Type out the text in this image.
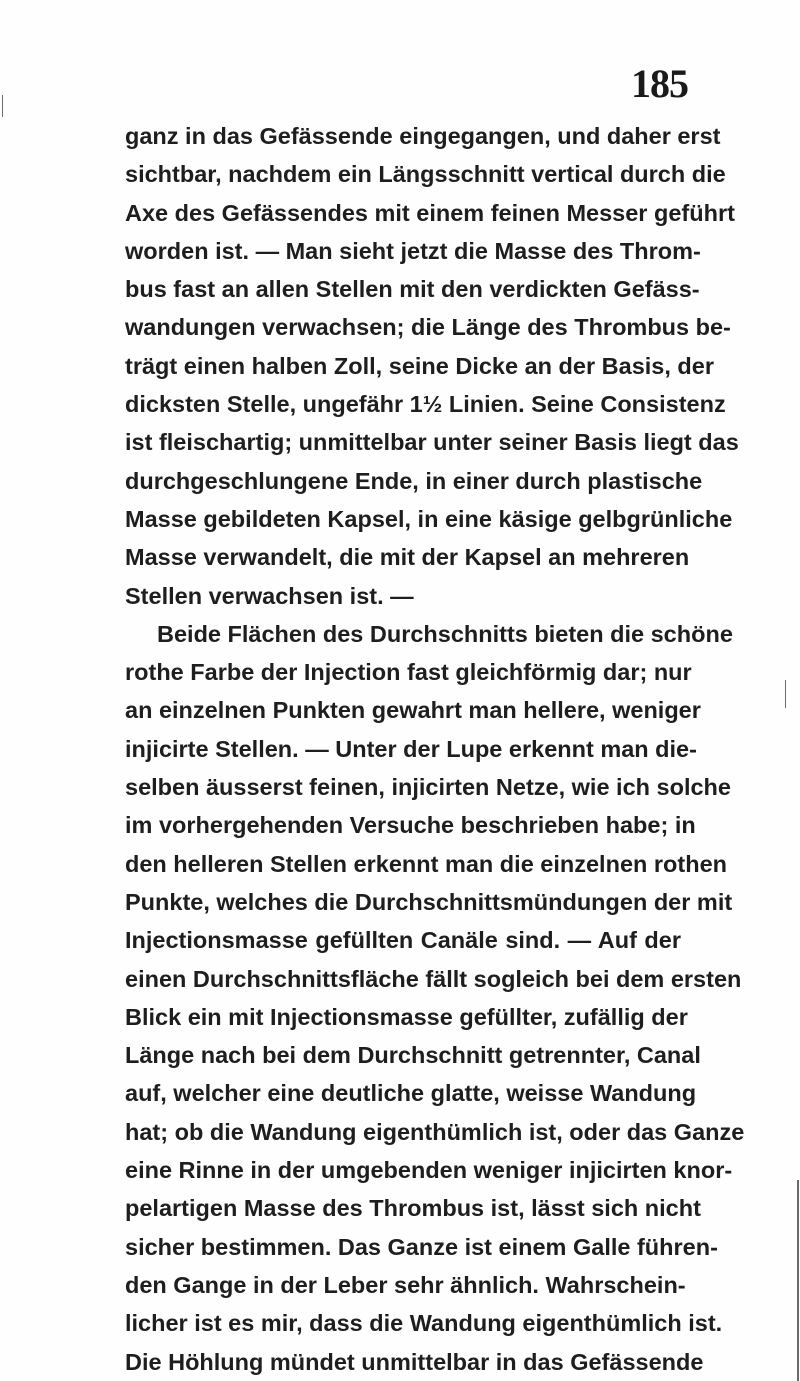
185
ganz in das Gefässende eingegangen, und daher erst
sichtbar, nachdem ein Längsschnitt vertical durch die
Axe des Gefässendes mit einem feinen Messer geführt
worden ist. — Man sieht jetzt die Masse des Throm-
bus fast an allen Stellen mit den verdickten Gefäss-
wandungen verwachsen; die Länge des Thrombus be-
trägt einen halben Zoll, seine Dicke an der Basis, der
dicksten Stelle, ungefähr 1½ Linien. Seine Consistenz
ist fleischartig; unmittelbar unter seiner Basis liegt das
durchgeschlungene Ende, in einer durch plastische
Masse gebildeten Kapsel, in eine käsige gelbgrünliche
Masse verwandelt, die mit der Kapsel an mehreren
Stellen verwachsen ist. —
Beide Flächen des Durchschnitts bieten die schöne
rothe Farbe der Injection fast gleichförmig dar; nur
an einzelnen Punkten gewahrt man hellere, weniger
injicirte Stellen. — Unter der Lupe erkennt man die-
selben äusserst feinen, injicirten Netze, wie ich solche
im vorhergehenden Versuche beschrieben habe; in
den helleren Stellen erkennt man die einzelnen rothen
Punkte, welches die Durchschnittsmündungen der mit
Injectionsmasse gefüllten Canäle sind. — Auf der
einen Durchschnittsfläche fällt sogleich bei dem ersten
Blick ein mit Injectionsmasse gefüllter, zufällig der
Länge nach bei dem Durchschnitt getrennter, Canal
auf, welcher eine deutliche glatte, weisse Wandung
hat; ob die Wandung eigenthümlich ist, oder das Ganze
eine Rinne in der umgebenden weniger injicirten knor-
pelartigen Masse des Thrombus ist, lässt sich nicht
sicher bestimmen. Das Ganze ist einem Galle führen-
den Gange in der Leber sehr ähnlich. Wahrschein-
licher ist es mir, dass die Wandung eigenthümlich ist.
Die Höhlung mündet unmittelbar in das Gefässende
